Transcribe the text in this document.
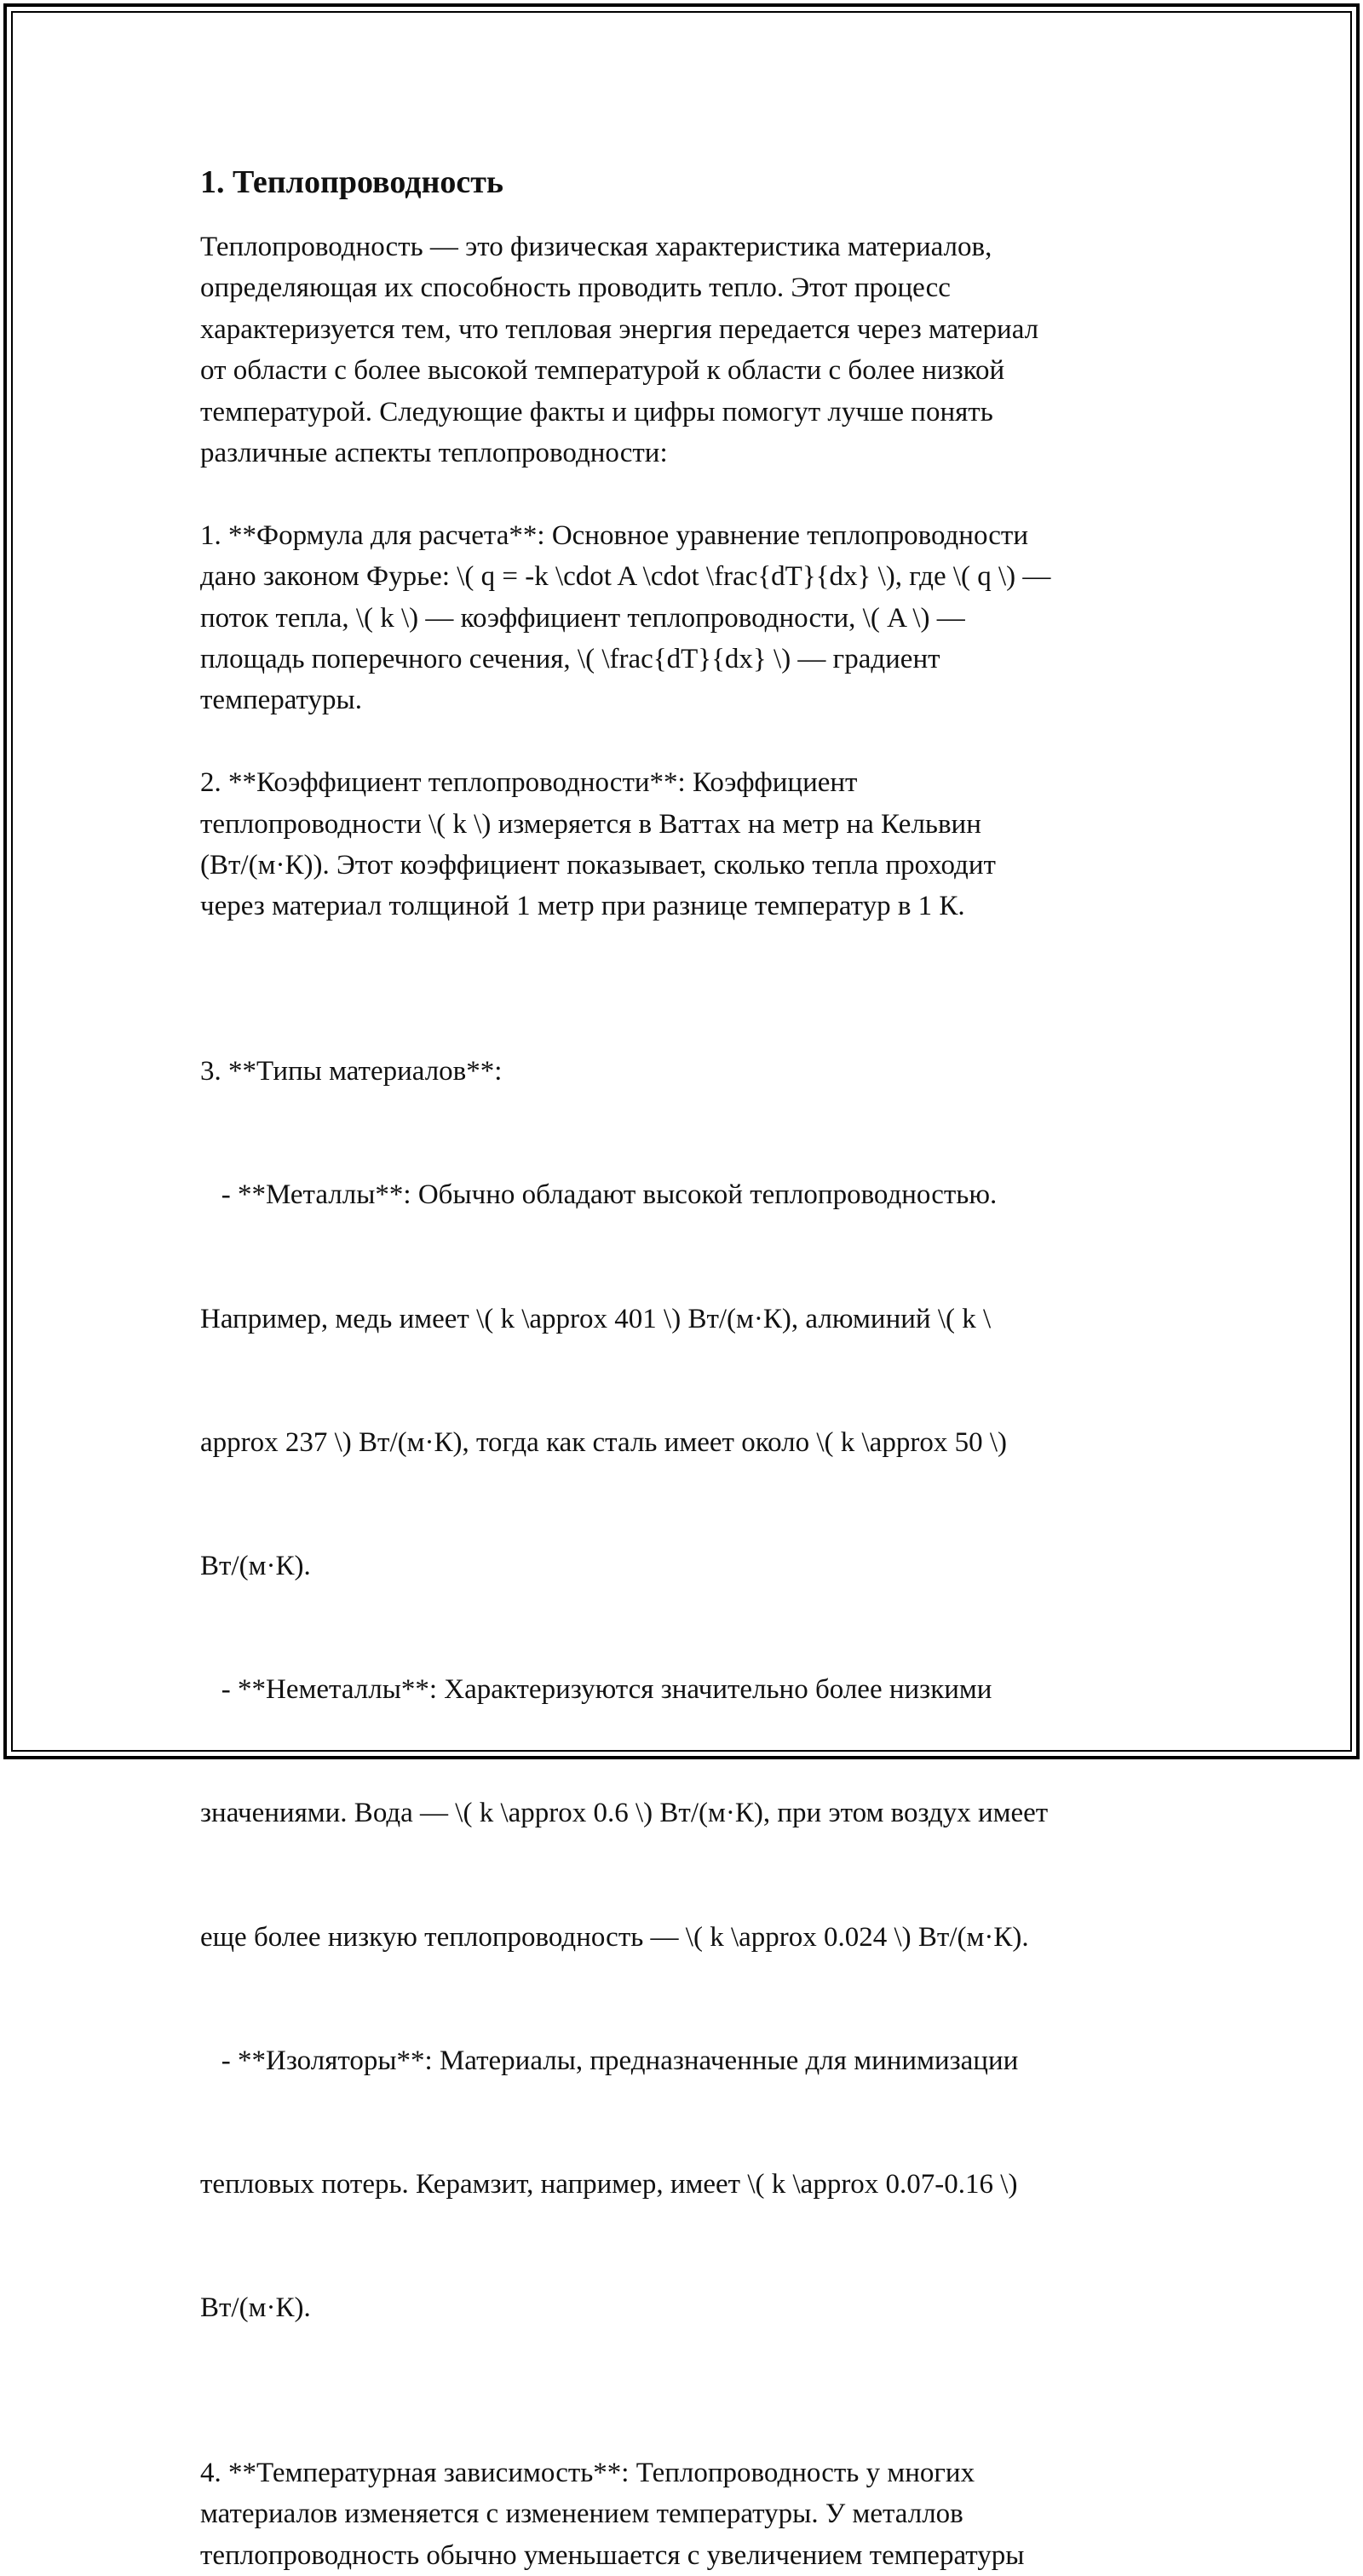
1. Теплопроводность
Теплопроводность — это физическая характеристика материалов,
определяющая их способность проводить тепло. Этот процесс
характеризуется тем, что тепловая энергия передается через материал
от области с более высокой температурой к области с более низкой
температурой. Следующие факты и цифры помогут лучше понять
различные аспекты теплопроводности:
1. **Формула для расчета**: Основное уравнение теплопроводности
дано законом Фурье: \( q = -k \cdot A \cdot \frac{dT}{dx} \), где \( q \) —
поток тепла, \( k \) — коэффициент теплопроводности, \( A \) —
площадь поперечного сечения, \( \frac{dT}{dx} \) — градиент
температуры.
2. **Коэффициент теплопроводности**: Коэффициент
теплопроводности \( k \) измеряется в Ваттах на метр на Кельвин
(Вт/(м·К)). Этот коэффициент показывает, сколько тепла проходит
через материал толщиной 1 метр при разнице температур в 1 К.

3. **Типы материалов**:

- **Металлы**: Обычно обладают высокой теплопроводностью.

Например, медь имеет \( k \approx 401 \) Вт/(м·К), алюминий \( k \

approx 237 \) Вт/(м·К), тогда как сталь имеет около \( k \approx 50 \)

Вт/(м·К).

- **Неметаллы**: Характеризуются значительно более низкими

значениями. Вода — \( k \approx 0.6 \) Вт/(м·К), при этом воздух имеет

еще более низкую теплопроводность — \( k \approx 0.024 \) Вт/(м·К).

- **Изоляторы**: Материалы, предназначенные для минимизации

тепловых потерь. Керамзит, например, имеет \( k \approx 0.07-0.16 \)

Вт/(м·К).

4. **Температурная зависимость**: Теплопроводность у многих
материалов изменяется с изменением температуры. У металлов
теплопроводность обычно уменьшается с увеличением температуры
